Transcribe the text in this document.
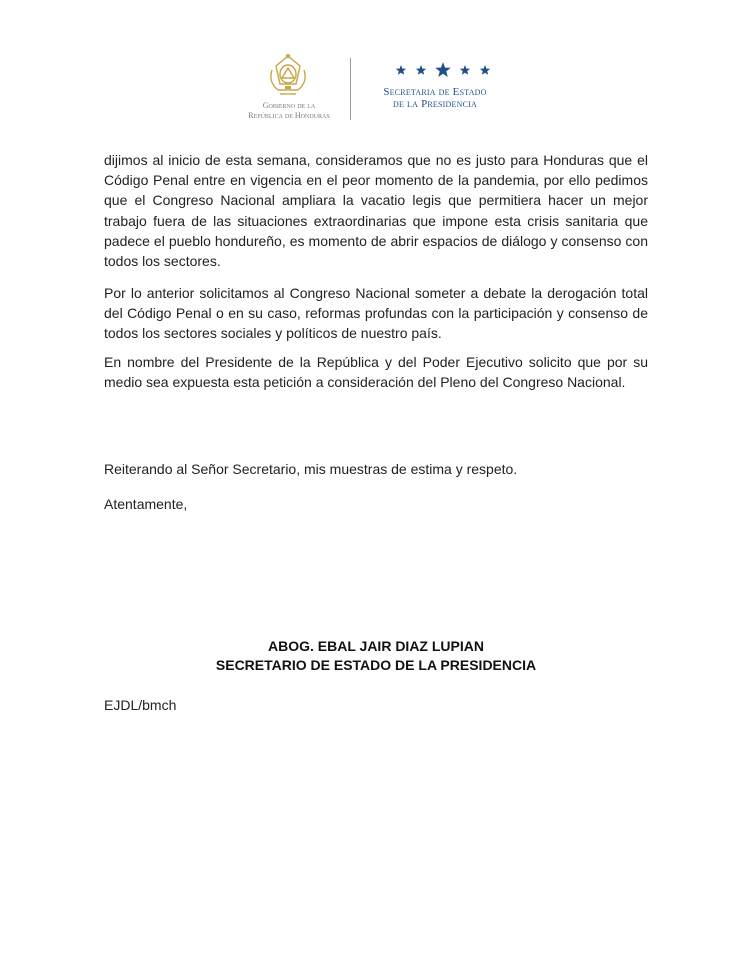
Gobierno de la
República de Honduras
Secretaria de Estado
de la Presidencia

dijimos al inicio de esta semana, consideramos que no es justo para Honduras que el Código Penal entre en vigencia en el peor momento de la pandemia, por ello pedimos que el Congreso Nacional ampliara la vacatio legis que permitiera hacer un mejor trabajo fuera de las situaciones extraordinarias que impone esta crisis sanitaria que padece el pueblo hondureño, es momento de abrir espacios de diálogo y consenso con todos los sectores.

Por lo anterior solicitamos al Congreso Nacional someter a debate la derogación total del Código Penal o en su caso, reformas profundas con la participación y consenso de todos los sectores sociales y políticos de nuestro país.

En nombre del Presidente de la República y del Poder Ejecutivo solicito que por su medio sea expuesta esta petición a consideración del Pleno del Congreso Nacional.

Reiterando al Señor Secretario, mis muestras de estima y respeto.

Atentamente,

ABOG. EBAL JAIR DIAZ LUPIAN
SECRETARIO DE ESTADO DE LA PRESIDENCIA
EJDL/bmch
